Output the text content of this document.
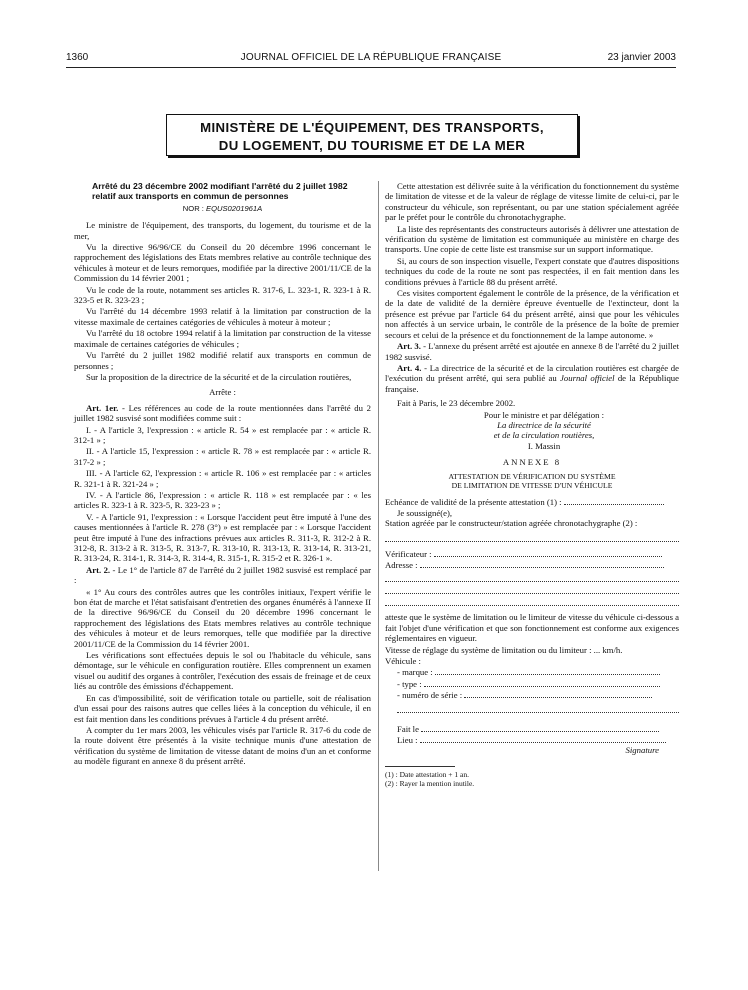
1360	JOURNAL OFFICIEL DE LA RÉPUBLIQUE FRANÇAISE	23 janvier 2003
MINISTÈRE DE L'ÉQUIPEMENT, DES TRANSPORTS,
DU LOGEMENT, DU TOURISME ET DE LA MER

Arrêté du 23 décembre 2002 modifiant l'arrêté du 2 juillet 1982 relatif aux transports en commun de personnes

NOR : EQUS0201961A

Le ministre de l'équipement, des transports, du logement, du tourisme et de la mer,

Vu la directive 96/96/CE du Conseil du 20 décembre 1996 concernant le rapprochement des législations des Etats membres relative au contrôle technique des véhicules à moteur et de leurs remorques, modifiée par la directive 2001/11/CE de la Commission du 14 février 2001 ;

Vu le code de la route, notamment ses articles R. 317-6, L. 323-1, R. 323-1 à R. 323-5 et R. 323-23 ;

Vu l'arrêté du 14 décembre 1993 relatif à la limitation par construction de la vitesse maximale de certaines catégories de véhicules à moteur à moteur ;

Vu l'arrêté du 18 octobre 1994 relatif à la limitation par construction de la vitesse maximale de certaines catégories de véhicules ;

Vu l'arrêté du 2 juillet 1982 modifié relatif aux transports en commun de personnes ;

Sur la proposition de la directrice de la sécurité et de la circulation routières,

Arrête :

Art. 1er. - Les références au code de la route mentionnées dans l'arrêté du 2 juillet 1982 susvisé sont modifiées comme suit :

I. - A l'article 3, l'expression : « article R. 54 » est remplacée par : « article R. 312-1 » ;

II. - A l'article 15, l'expression : « article R. 78 » est remplacée par : « article R. 317-2 » ;

III. - A l'article 62, l'expression : « article R. 106 » est remplacée par : « articles R. 321-1 à R. 321-24 » ;

IV. - A l'article 86, l'expression : « article R. 118 » est remplacée par : « les articles R. 323-1 à R. 323-5, R. 323-23 » ;

V. - A l'article 91, l'expression : « Lorsque l'accident peut être imputé à l'une des causes mentionnées à l'article R. 278 (3°) » est remplacée par : « Lorsque l'accident peut être imputé à l'une des infractions prévues aux articles R. 311-3, R. 312-2 à R. 312-8, R. 313-2 à R. 313-5, R. 313-7, R. 313-10, R. 313-13, R. 313-14, R. 313-21, R. 313-24, R. 314-1, R. 314-3, R. 314-4, R. 315-1, R. 315-2 et R. 326-1 ».

Art. 2. - Le 1° de l'article 87 de l'arrêté du 2 juillet 1982 susvisé est remplacé par :

« 1° Au cours des contrôles autres que les contrôles initiaux, l'expert vérifie le bon état de marche et l'état satisfaisant d'entretien des organes énumérés à l'annexe II de la directive 96/96/CE du Conseil du 20 décembre 1996 concernant le rapprochement des législations des Etats membres relatives au contrôle technique des véhicules à moteur et de leurs remorques, telle que modifiée par la directive 2001/11/CE de la Commission du 14 février 2001.

Les vérifications sont effectuées depuis le sol ou l'habitacle du véhicule, sans démontage, sur le véhicule en configuration routière. Elles comprennent un examen visuel ou auditif des organes à contrôler, l'exécution des essais de freinage et de ceux liés au contrôle des émissions d'échappement.

En cas d'impossibilité, soit de vérification totale ou partielle, soit de réalisation d'un essai pour des raisons autres que celles liées à la conception du véhicule, il en est fait mention dans les conditions prévues à l'article 4 du présent arrêté.

A compter du 1er mars 2003, les véhicules visés par l'article R. 317-6 du code de la route doivent être présentés à la visite technique munis d'une attestation de vérification du système de limitation de vitesse datant de moins d'un an et conforme au modèle figurant en annexe 8 du présent arrêté.

Cette attestation est délivrée suite à la vérification du fonctionnement du système de limitation de vitesse et de la valeur de réglage de vitesse limite de celui-ci, par le constructeur du véhicule, son représentant, ou par une station spécialement agréée par le préfet pour le contrôle du chronotachygraphe.

La liste des représentants des constructeurs autorisés à délivrer une attestation de vérification du système de limitation est communiquée au ministère en charge des transports. Une copie de cette liste est transmise sur un support informatique.

Si, au cours de son inspection visuelle, l'expert constate que d'autres dispositions techniques du code de la route ne sont pas respectées, il en fait mention dans les conditions prévues à l'article 88 du présent arrêté.

Ces visites comportent également le contrôle de la présence, de la vérification et de la date de validité de la dernière épreuve éventuelle de l'extincteur, dont la présence est prévue par l'article 64 du présent arrêté, ainsi que pour les véhicules non affectés à un service urbain, le contrôle de la présence de la boîte de premier secours et celui de la présence et du fonctionnement de la lampe autonome. »

Art. 3. - L'annexe du présent arrêté est ajoutée en annexe 8 de l'arrêté du 2 juillet 1982 susvisé.

Art. 4. - La directrice de la sécurité et de la circulation routières est chargée de l'exécution du présent arrêté, qui sera publié au Journal officiel de la République française.

Fait à Paris, le 23 décembre 2002.

Pour le ministre et par délégation :
La directrice de la sécurité
et de la circulation routières,
I. Massin

ANNEXE 8

ATTESTATION DE VÉRIFICATION DU SYSTÈME
DE LIMITATION DE VITESSE D'UN VÉHICULE

Echéance de validité de la présente attestation (1) :

Je soussigné(e),

Station agréée par le constructeur/station agréée chronotachygraphe (2) :

Vérificateur :

Adresse :

atteste que le système de limitation ou le limiteur de vitesse du véhicule ci-dessous a fait l'objet d'une vérification et que son fonctionnement est conforme aux exigences réglementaires en vigueur.

Vitesse de réglage du système de limitation ou du limiteur : ... km/h.

Véhicule :

- marque :

- type :

- numéro de série :

Fait le

Lieu :

Signature

(1) : Date attestation + 1 an.

(2) : Rayer la mention inutile.
